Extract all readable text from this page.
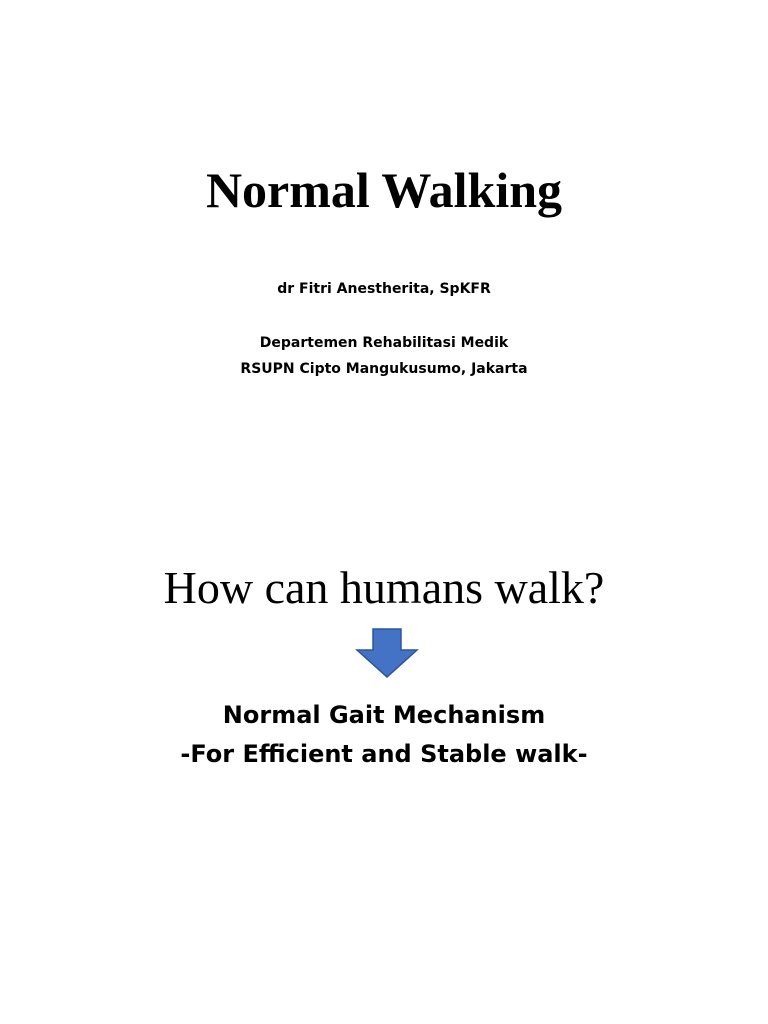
Normal Walking
dr Fitri Anestherita, SpKFR
Departemen Rehabilitasi Medik
RSUPN Cipto Mangukusumo, Jakarta
How can humans walk?
Normal Gait Mechanism
-For Efficient and Stable walk-
